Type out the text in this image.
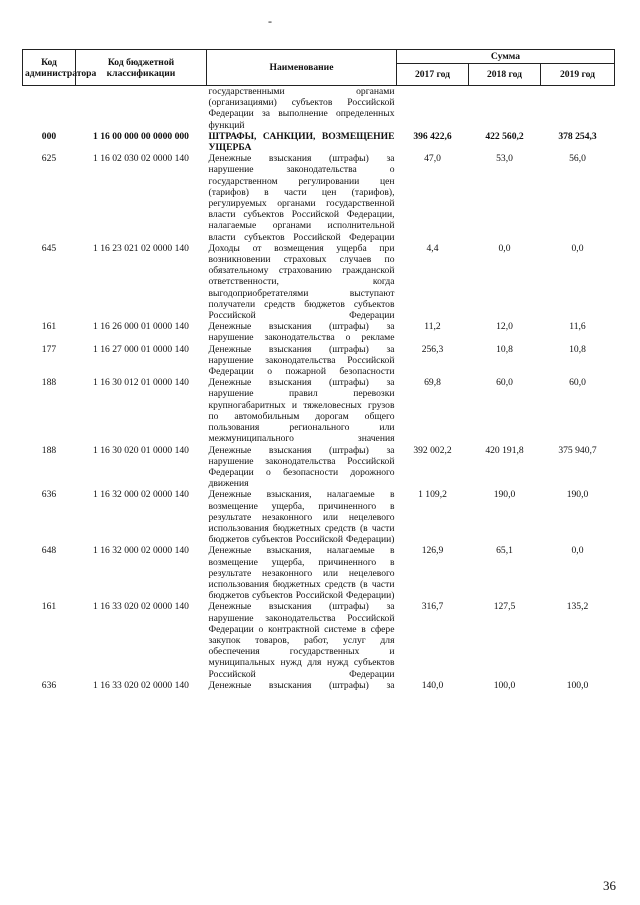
-
Код администратора	Код бюджетной классификации	Наименование	Сумма		
			2017 год	2018 год	2019 год
		государственными органами (организациями) субъектов Российской Федерации за выполнение определенных функций			
000	1 16 00 000 00 0000 000	ШТРАФЫ, САНКЦИИ, ВОЗМЕЩЕНИЕ УЩЕРБА	396 422,6	422 560,2	378 254,3
625	1 16 02 030 02 0000 140	Денежные взыскания (штрафы) за нарушение законодательства о государственном регулировании цен (тарифов) в части цен (тарифов), регулируемых органами государственной власти субъектов Российской Федерации, налагаемые органами исполнительной власти субъектов Российской Федерации	47,0	53,0	56,0
645	1 16 23 021 02 0000 140	Доходы от возмещения ущерба при возникновении страховых случаев по обязательному страхованию гражданской ответственности, когда выгодоприобретателями выступают получатели средств бюджетов субъектов Российской Федерации	4,4	0,0	0,0
161	1 16 26 000 01 0000 140	Денежные взыскания (штрафы) за нарушение законодательства о рекламе	11,2	12,0	11,6
177	1 16 27 000 01 0000 140	Денежные взыскания (штрафы) за нарушение законодательства Российской Федерации о пожарной безопасности	256,3	10,8	10,8
188	1 16 30 012 01 0000 140	Денежные взыскания (штрафы) за нарушение правил перевозки крупногабаритных и тяжеловесных грузов по автомобильным дорогам общего пользования регионального или межмуниципального значения	69,8	60,0	60,0
188	1 16 30 020 01 0000 140	Денежные взыскания (штрафы) за нарушение законодательства Российской Федерации о безопасности дорожного движения	392 002,2	420 191,8	375 940,7
636	1 16 32 000 02 0000 140	Денежные взыскания, налагаемые в возмещение ущерба, причиненного в результате незаконного или нецелевого использования бюджетных средств (в части бюджетов субъектов Российской Федерации)	1 109,2	190,0	190,0
648	1 16 32 000 02 0000 140	Денежные взыскания, налагаемые в возмещение ущерба, причиненного в результате незаконного или нецелевого использования бюджетных средств (в части бюджетов субъектов Российской Федерации)	126,9	65,1	0,0
161	1 16 33 020 02 0000 140	Денежные взыскания (штрафы) за нарушение законодательства Российской Федерации о контрактной системе в сфере закупок товаров, работ, услуг для обеспечения государственных и муниципальных нужд для нужд субъектов Российской Федерации	316,7	127,5	135,2
636	1 16 33 020 02 0000 140	Денежные взыскания (штрафы) за	140,0	100,0	100,0
36
